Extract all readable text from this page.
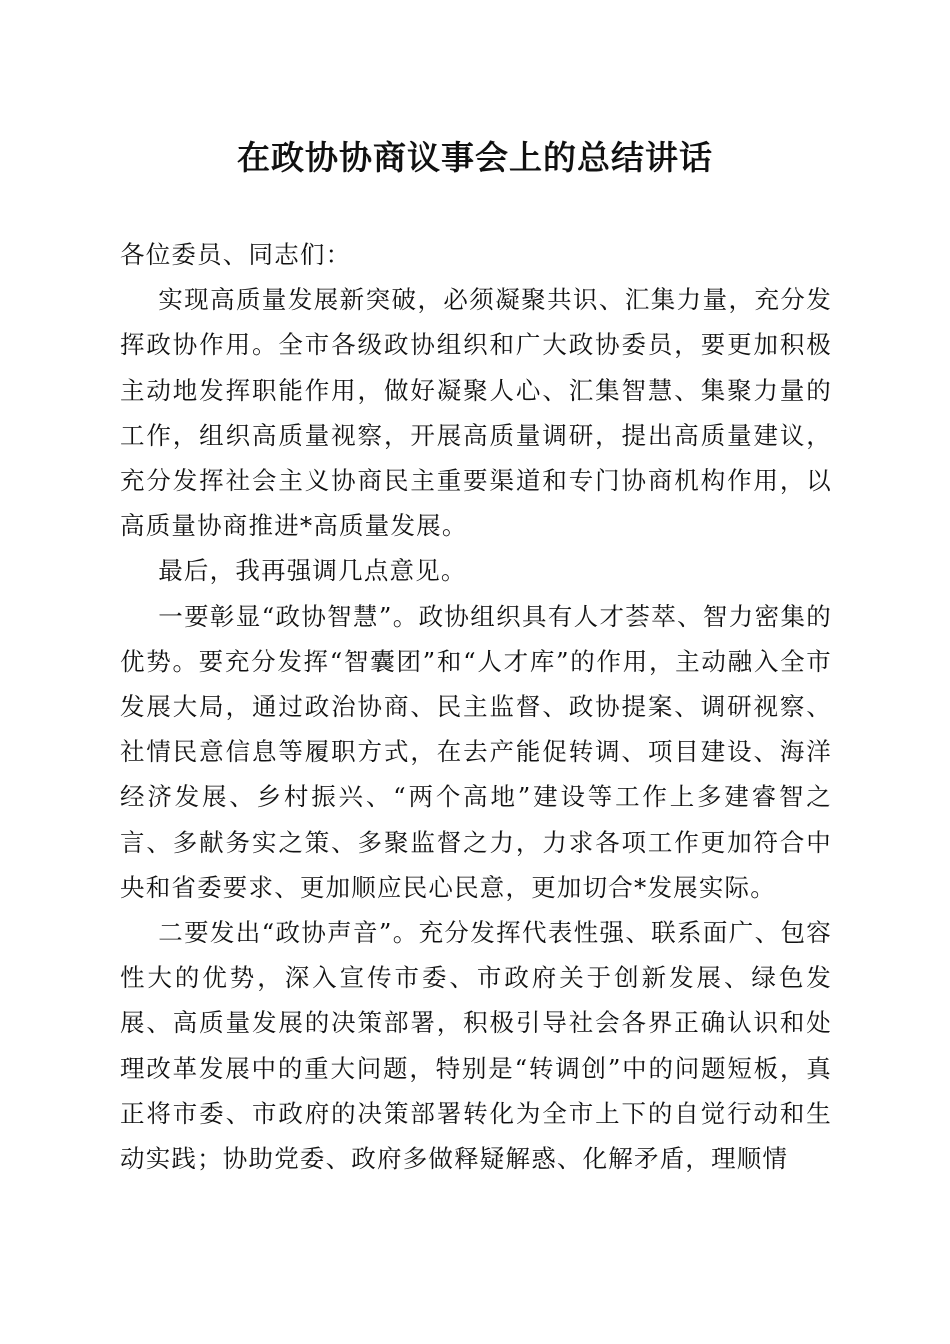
在政协协商议事会上的总结讲话

各位委员、同志们：

实现高质量发展新突破，必须凝聚共识、汇集力量，充分发挥政协作用。全市各级政协组织和广大政协委员，要更加积极主动地发挥职能作用，做好凝聚人心、汇集智慧、集聚力量的工作，组织高质量视察，开展高质量调研，提出高质量建议，充分发挥社会主义协商民主重要渠道和专门协商机构作用，以高质量协商推进*高质量发展。

最后，我再强调几点意见。

一要彰显“政协智慧”。政协组织具有人才荟萃、智力密集的优势。要充分发挥“智囊团”和“人才库”的作用，主动融入全市发展大局，通过政治协商、民主监督、政协提案、调研视察、社情民意信息等履职方式，在去产能促转调、项目建设、海洋经济发展、乡村振兴、“两个高地”建设等工作上多建睿智之言、多献务实之策、多聚监督之力，力求各项工作更加符合中央和省委要求、更加顺应民心民意，更加切合*发展实际。

二要发出“政协声音”。充分发挥代表性强、联系面广、包容性大的优势，深入宣传市委、市政府关于创新发展、绿色发展、高质量发展的决策部署，积极引导社会各界正确认识和处理改革发展中的重大问题，特别是“转调创”中的问题短板，真正将市委、市政府的决策部署转化为全市上下的自觉行动和生动实践；协助党委、政府多做释疑解惑、化解矛盾，理顺情
